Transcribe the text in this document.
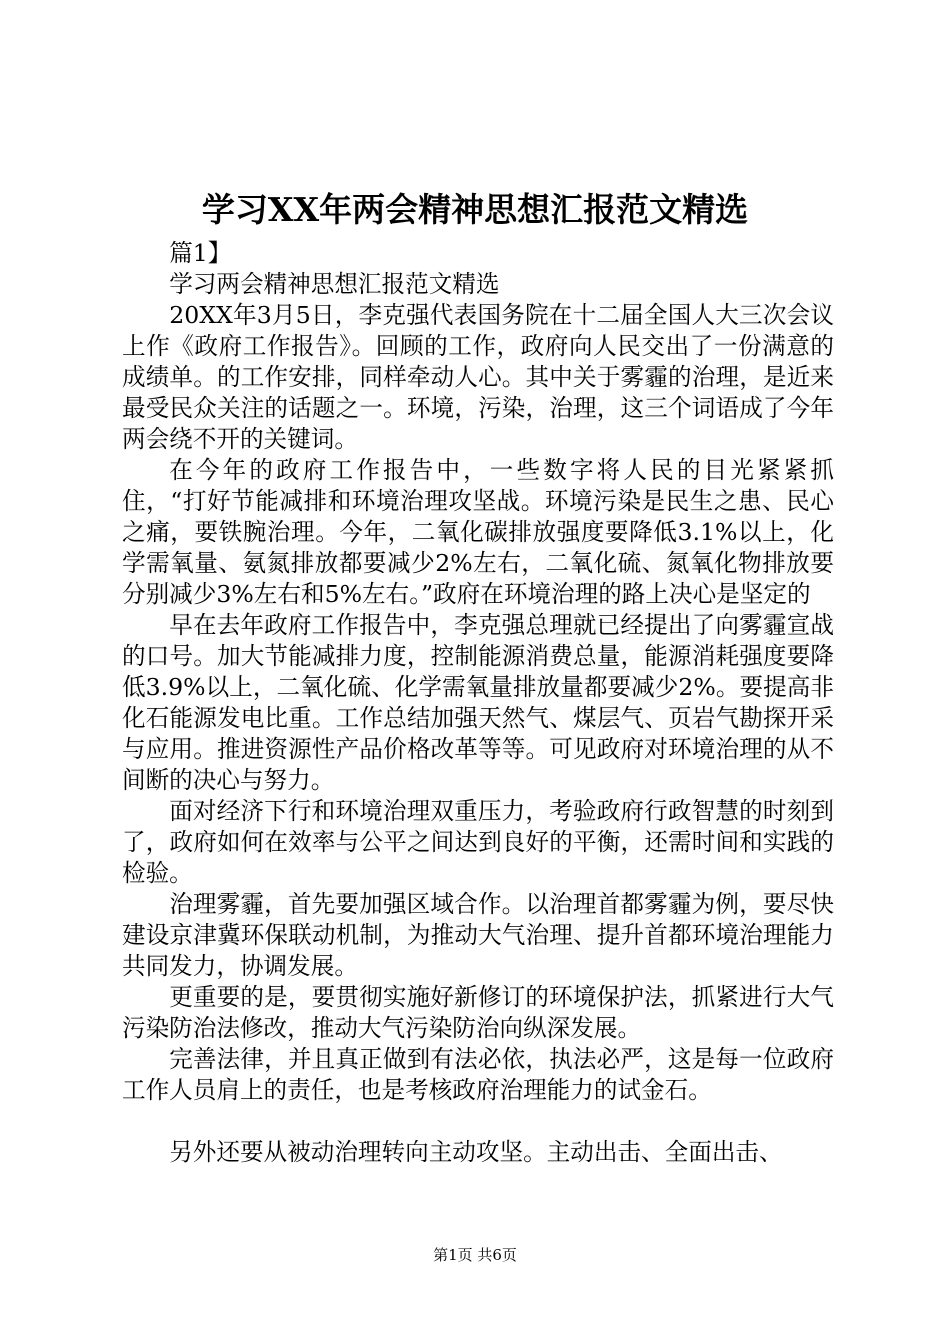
学习XX年两会精神思想汇报范文精选

篇1】

学习两会精神思想汇报范文精选

20XX年3月5日，李克强代表国务院在十二届全国人大三次会议上作《政府工作报告》。回顾的工作，政府向人民交出了一份满意的成绩单。的工作安排，同样牵动人心。其中关于雾霾的治理，是近来最受民众关注的话题之一。环境，污染，治理，这三个词语成了今年两会绕不开的关键词。

在今年的政府工作报告中，一些数字将人民的目光紧紧抓住，“打好节能减排和环境治理攻坚战。环境污染是民生之患、民心之痛，要铁腕治理。今年，二氧化碳排放强度要降低3.1%以上，化学需氧量、氨氮排放都要减少2%左右，二氧化硫、氮氧化物排放要分别减少3%左右和5%左右。”政府在环境治理的路上决心是坚定的

早在去年政府工作报告中，李克强总理就已经提出了向雾霾宣战的口号。加大节能减排力度，控制能源消费总量，能源消耗强度要降低3.9%以上，二氧化硫、化学需氧量排放量都要减少2%。要提高非化石能源发电比重。工作总结加强天然气、煤层气、页岩气勘探开采与应用。推进资源性产品价格改革等等。可见政府对环境治理的从不间断的决心与努力。

面对经济下行和环境治理双重压力，考验政府行政智慧的时刻到了，政府如何在效率与公平之间达到良好的平衡，还需时间和实践的检验。

治理雾霾，首先要加强区域合作。以治理首都雾霾为例，要尽快建设京津冀环保联动机制，为推动大气治理、提升首都环境治理能力共同发力，协调发展。

更重要的是，要贯彻实施好新修订的环境保护法，抓紧进行大气污染防治法修改，推动大气污染防治向纵深发展。

完善法律，并且真正做到有法必依，执法必严，这是每一位政府工作人员肩上的责任，也是考核政府治理能力的试金石。

另外还要从被动治理转向主动攻坚。主动出击、全面出击、

第1页 共6页
